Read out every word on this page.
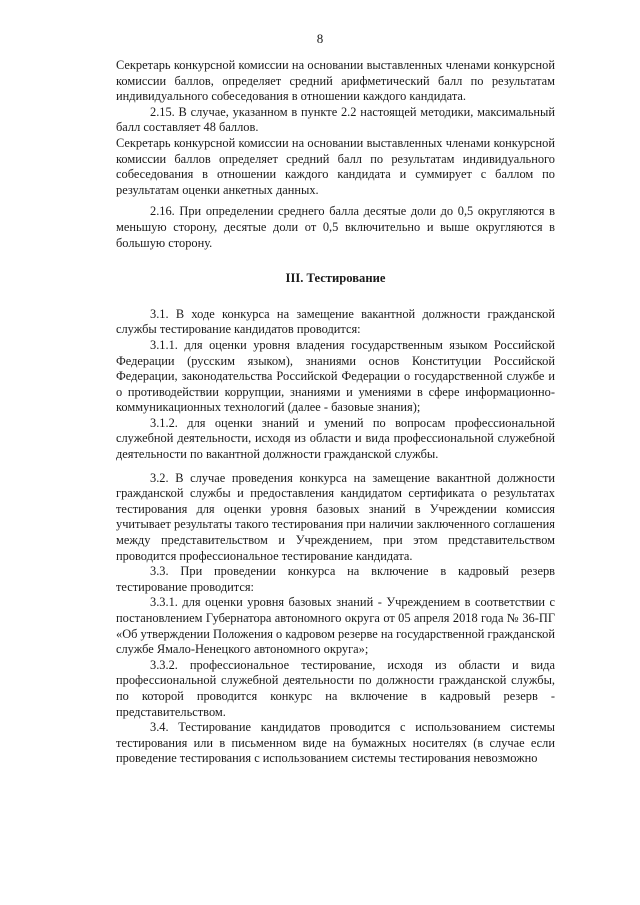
8

Секретарь конкурсной комиссии на основании выставленных членами конкурсной комиссии баллов, определяет средний арифметический балл по результатам индивидуального собеседования в отношении каждого кандидата.

2.15. В случае, указанном в пункте 2.2 настоящей методики, максимальный балл составляет 48 баллов.

Секретарь конкурсной комиссии на основании выставленных членами конкурсной комиссии баллов определяет средний балл по результатам индивидуального собеседования в отношении каждого кандидата и суммирует с баллом по результатам оценки анкетных данных.

2.16. При определении среднего балла десятые доли до 0,5 округляются в меньшую сторону, десятые доли от 0,5 включительно и выше округляются в большую сторону.

III. Тестирование

3.1. В ходе конкурса на замещение вакантной должности гражданской службы тестирование кандидатов проводится:

3.1.1. для оценки уровня владения государственным языком Российской Федерации (русским языком), знаниями основ Конституции Российской Федерации, законодательства Российской Федерации о государственной службе и о противодействии коррупции, знаниями и умениями в сфере информационно-коммуникационных технологий (далее - базовые знания);

3.1.2. для оценки знаний и умений по вопросам профессиональной служебной деятельности, исходя из области и вида профессиональной служебной деятельности по вакантной должности гражданской службы.

3.2. В случае проведения конкурса на замещение вакантной должности гражданской службы и предоставления кандидатом сертификата о результатах тестирования для оценки уровня базовых знаний в Учреждении комиссия учитывает результаты такого тестирования при наличии заключенного соглашения между представительством и Учреждением, при этом представительством проводится профессиональное тестирование кандидата.

3.3. При проведении конкурса на включение в кадровый резерв тестирование проводится:

3.3.1. для оценки уровня базовых знаний - Учреждением в соответствии с постановлением Губернатора автономного округа от 05 апреля 2018 года № 36-ПГ «Об утверждении Положения о кадровом резерве на государственной гражданской службе Ямало-Ненецкого автономного округа»;

3.3.2. профессиональное тестирование, исходя из области и вида профессиональной служебной деятельности по должности гражданской службы, по которой проводится конкурс на включение в кадровый резерв - представительством.

3.4. Тестирование кандидатов проводится с использованием системы тестирования или в письменном виде на бумажных носителях (в случае если проведение тестирования с использованием системы тестирования невозможно
